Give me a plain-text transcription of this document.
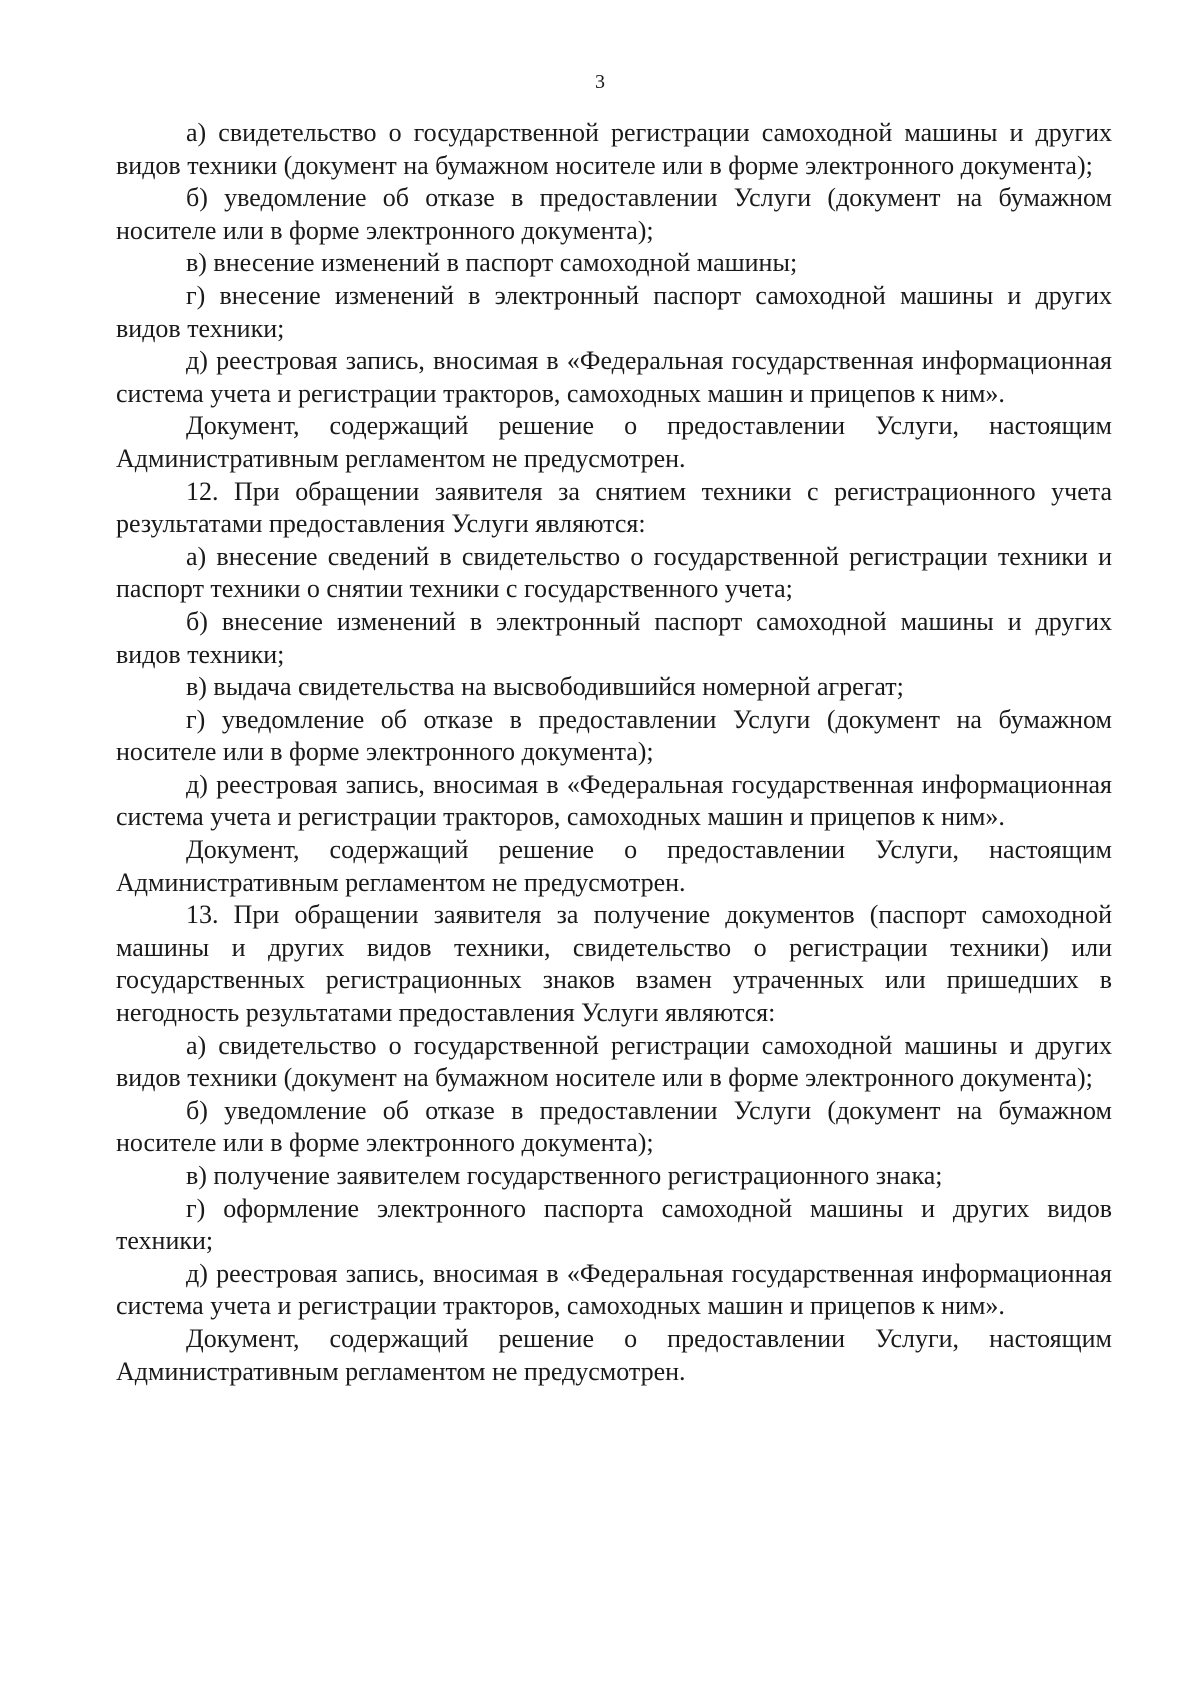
3

а) свидетельство о государственной регистрации самоходной машины и других видов техники (документ на бумажном носителе или в форме электронного документа);

б) уведомление об отказе в предоставлении Услуги (документ на бумажном носителе или в форме электронного документа);

в) внесение изменений в паспорт самоходной машины;

г) внесение изменений в электронный паспорт самоходной машины и других видов техники;

д) реестровая запись, вносимая в «Федеральная государственная информационная система учета и регистрации тракторов, самоходных машин и прицепов к ним».

Документ, содержащий решение о предоставлении Услуги, настоящим Административным регламентом не предусмотрен.

12. При обращении заявителя за снятием техники с регистрационного учета результатами предоставления Услуги являются:

а) внесение сведений в свидетельство о государственной регистрации техники и паспорт техники о снятии техники с государственного учета;

б) внесение изменений в электронный паспорт самоходной машины и других видов техники;

в) выдача свидетельства на высвободившийся номерной агрегат;

г) уведомление об отказе в предоставлении Услуги (документ на бумажном носителе или в форме электронного документа);

д) реестровая запись, вносимая в «Федеральная государственная информационная система учета и регистрации тракторов, самоходных машин и прицепов к ним».

Документ, содержащий решение о предоставлении Услуги, настоящим Административным регламентом не предусмотрен.

13. При обращении заявителя за получение документов (паспорт самоходной машины и других видов техники, свидетельство о регистрации техники) или государственных регистрационных знаков взамен утраченных или пришедших в негодность результатами предоставления Услуги являются:

а) свидетельство о государственной регистрации самоходной машины и других видов техники (документ на бумажном носителе или в форме электронного документа);

б) уведомление об отказе в предоставлении Услуги (документ на бумажном носителе или в форме электронного документа);

в) получение заявителем государственного регистрационного знака;

г) оформление электронного паспорта самоходной машины и других видов техники;

д) реестровая запись, вносимая в «Федеральная государственная информационная система учета и регистрации тракторов, самоходных машин и прицепов к ним».

Документ, содержащий решение о предоставлении Услуги, настоящим Административным регламентом не предусмотрен.
